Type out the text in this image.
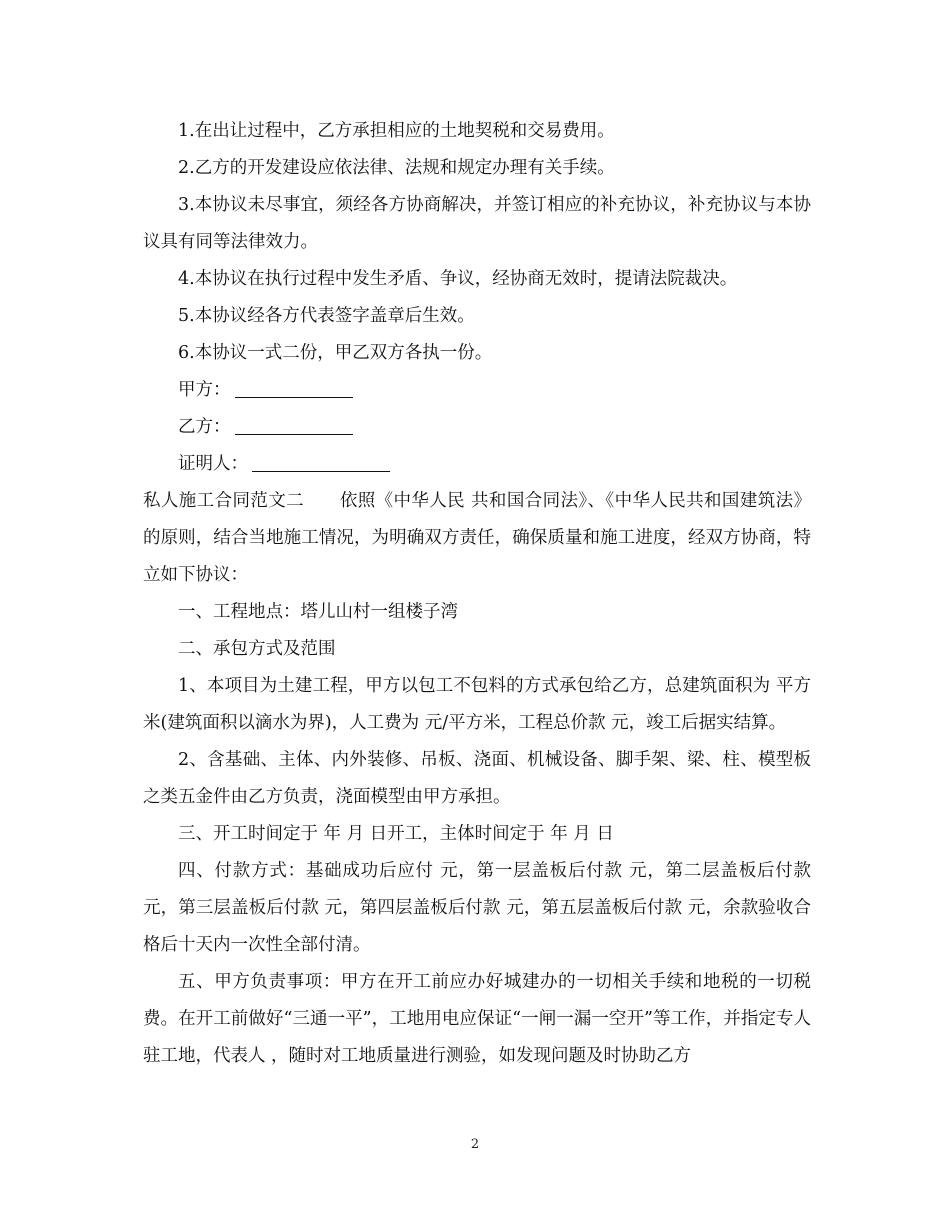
1.在出让过程中，乙方承担相应的土地契税和交易费用。

2.乙方的开发建设应依法律、法规和规定办理有关手续。

3.本协议未尽事宜，须经各方协商解决，并签订相应的补充协议，补充协议与本协议具有同等法律效力。

4.本协议在执行过程中发生矛盾、争议，经协商无效时，提请法院裁决。

5.本协议经各方代表签字盖章后生效。

6.本协议一式二份，甲乙双方各执一份。

甲方：
乙方：
证明人：

私人施工合同范文二　　依照《中华人民 共和国合同法》、《中华人民共和国建筑法》的原则，结合当地施工情况，为明确双方责任，确保质量和施工进度，经双方协商，特立如下协议：

一、工程地点：塔儿山村一组楼子湾

二、承包方式及范围

1、本项目为土建工程，甲方以包工不包料的方式承包给乙方，总建筑面积为 平方米(建筑面积以滴水为界)，人工费为 元/平方米，工程总价款 元，竣工后据实结算。

2、含基础、主体、内外装修、吊板、浇面、机械设备、脚手架、梁、柱、模型板之类五金件由乙方负责，浇面模型由甲方承担。

三、开工时间定于 年 月 日开工，主体时间定于 年 月 日

四、付款方式：基础成功后应付 元，第一层盖板后付款 元，第二层盖板后付款 元，第三层盖板后付款 元，第四层盖板后付款 元，第五层盖板后付款 元，余款验收合格后十天内一次性全部付清。

五、甲方负责事项：甲方在开工前应办好城建办的一切相关手续和地税的一切税费。在开工前做好“三通一平”，工地用电应保证“一闸一漏一空开”等工作，并指定专人驻工地，代表人 ，随时对工地质量进行测验，如发现问题及时协助乙方

2
